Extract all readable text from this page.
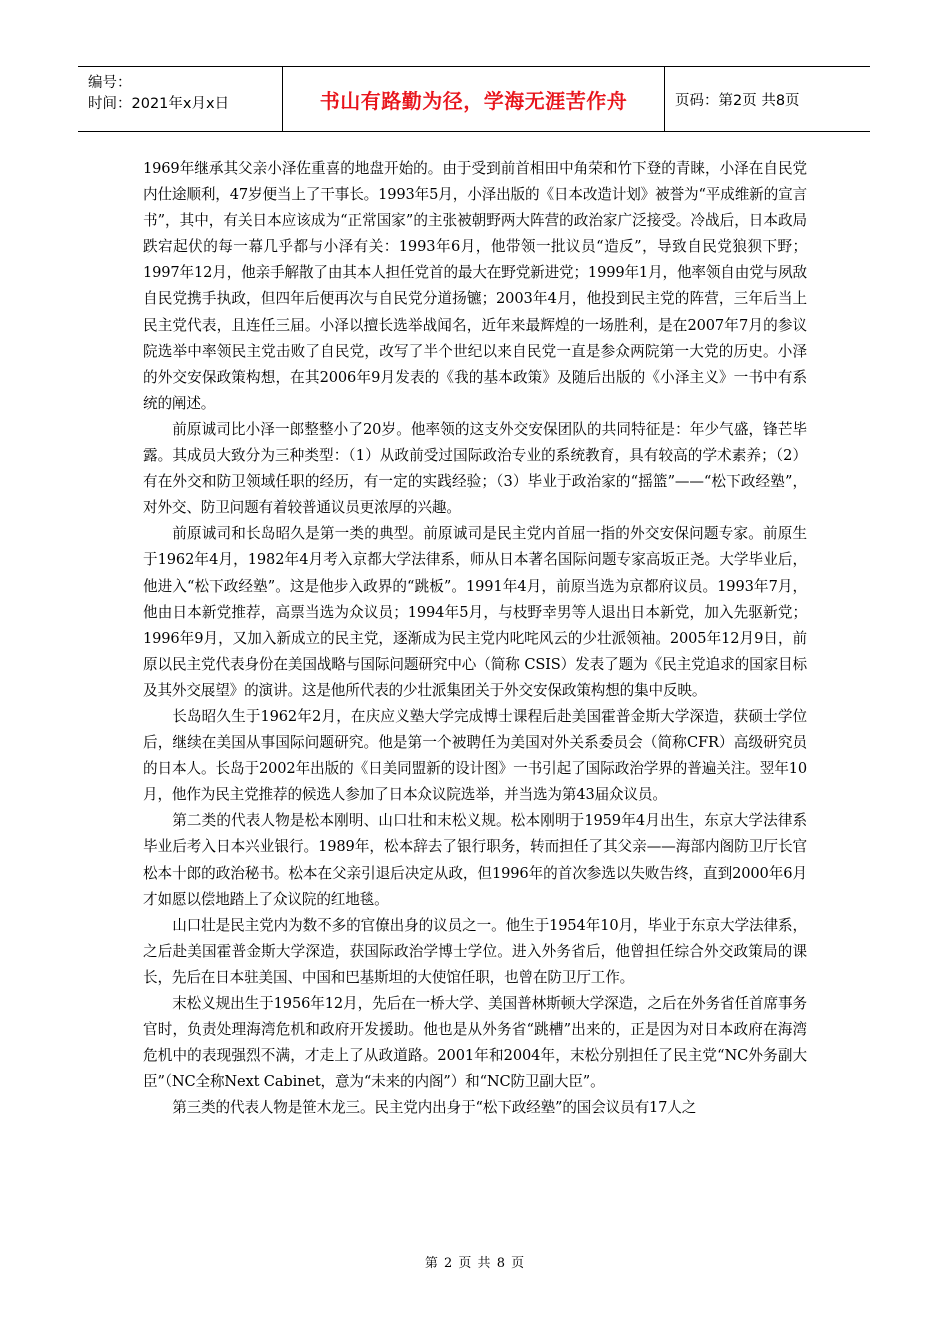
编号：
时间：2021年x月x日	书山有路勤为径，学海无涯苦作舟	页码：第2页 共8页

1969年继承其父亲小泽佐重喜的地盘开始的。由于受到前首相田中角荣和竹下登的青睐，小泽在自民党内仕途顺利，47岁便当上了干事长。1993年5月，小泽出版的《日本改造计划》被誉为“平成维新的宣言书”，其中，有关日本应该成为“正常国家”的主张被朝野两大阵营的政治家广泛接受。冷战后，日本政局跌宕起伏的每一幕几乎都与小泽有关：1993年6月，他带领一批议员“造反”，导致自民党狼狈下野；1997年12月，他亲手解散了由其本人担任党首的最大在野党新进党；1999年1月，他率领自由党与夙敌自民党携手执政，但四年后便再次与自民党分道扬镳；2003年4月，他投到民主党的阵营，三年后当上民主党代表，且连任三届。小泽以擅长选举战闻名，近年来最辉煌的一场胜利，是在2007年7月的参议院选举中率领民主党击败了自民党，改写了半个世纪以来自民党一直是参众两院第一大党的历史。小泽的外交安保政策构想，在其2006年9月发表的《我的基本政策》及随后出版的《小泽主义》一书中有系统的阐述。

前原诚司比小泽一郎整整小了20岁。他率领的这支外交安保团队的共同特征是：年少气盛，锋芒毕露。其成员大致分为三种类型：（1）从政前受过国际政治专业的系统教育，具有较高的学术素养；（2）有在外交和防卫领域任职的经历，有一定的实践经验；（3）毕业于政治家的“摇篮”——“松下政经塾”，对外交、防卫问题有着较普通议员更浓厚的兴趣。

前原诚司和长岛昭久是第一类的典型。前原诚司是民主党内首屈一指的外交安保问题专家。前原生于1962年4月，1982年4月考入京都大学法律系，师从日本著名国际问题专家高坂正尧。大学毕业后，他进入“松下政经塾”。这是他步入政界的“跳板”。1991年4月，前原当选为京都府议员。1993年7月，他由日本新党推荐，高票当选为众议员；1994年5月，与枝野幸男等人退出日本新党，加入先驱新党；1996年9月，又加入新成立的民主党，逐渐成为民主党内叱咤风云的少壮派领袖。2005年12月9日，前原以民主党代表身份在美国战略与国际问题研究中心（简称 CSIS）发表了题为《民主党追求的国家目标及其外交展望》的演讲。这是他所代表的少壮派集团关于外交安保政策构想的集中反映。

长岛昭久生于1962年2月，在庆应义塾大学完成博士课程后赴美国霍普金斯大学深造，获硕士学位后，继续在美国从事国际问题研究。他是第一个被聘任为美国对外关系委员会（简称CFR）高级研究员的日本人。长岛于2002年出版的《日美同盟新的设计图》一书引起了国际政治学界的普遍关注。翌年10月，他作为民主党推荐的候选人参加了日本众议院选举，并当选为第43届众议员。

第二类的代表人物是松本刚明、山口壮和末松义规。松本刚明于1959年4月出生，东京大学法律系毕业后考入日本兴业银行。1989年，松本辞去了银行职务，转而担任了其父亲——海部内阁防卫厅长官松本十郎的政治秘书。松本在父亲引退后决定从政，但1996年的首次参选以失败告终，直到2000年6月才如愿以偿地踏上了众议院的红地毯。

山口壮是民主党内为数不多的官僚出身的议员之一。他生于1954年10月，毕业于东京大学法律系，之后赴美国霍普金斯大学深造，获国际政治学博士学位。进入外务省后，他曾担任综合外交政策局的课长，先后在日本驻美国、中国和巴基斯坦的大使馆任职，也曾在防卫厅工作。

末松义规出生于1956年12月，先后在一桥大学、美国普林斯顿大学深造，之后在外务省任首席事务官时，负责处理海湾危机和政府开发援助。他也是从外务省“跳槽”出来的，正是因为对日本政府在海湾危机中的表现强烈不满，才走上了从政道路。2001年和2004年，末松分别担任了民主党“NC外务副大臣”（NC全称Next Cabinet，意为“未来的内阁”）和“NC防卫副大臣”。

第三类的代表人物是笹木龙三。民主党内出身于“松下政经塾”的国会议员有17人之

第 2 页 共 8 页
